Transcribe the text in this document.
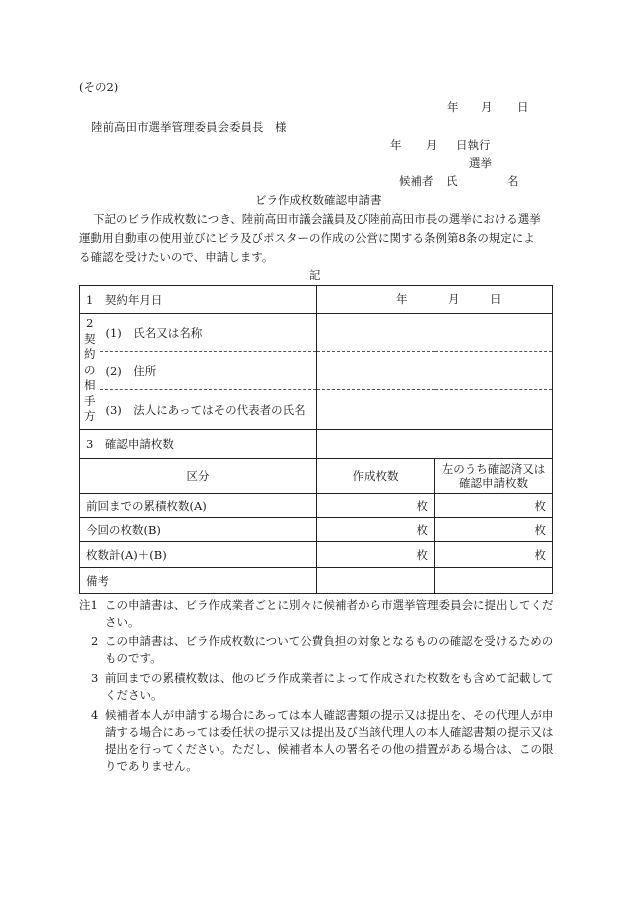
(その2)
年 月 日
陸前高田市選挙管理委員会委員長　様
年 月 日執行
選挙
候補者 氏	名
ビラ作成枚数確認申請書
下記のビラ作成枚数につき、陸前高田市議会議員及び陸前高田市長の選挙における選挙
運動用自動車の使用並びにビラ及びポスターの作成の公営に関する条例第8条の規定によ
る確認を受けたいので、申請します。
記
1　契約年月日		年 月 日	

2
契約の相手方	(1)　氏名又は名称		
	(2)　住所		
	(3)　法人にあってはその代表者の氏名		
3　確認申請枚数			
区分		作成枚数	左のうち確認済又は
確認申請枚数
前回までの累積枚数(A)		枚	枚
今回の枚数(B)		枚	枚
枚数計(A)＋(B)		枚	枚
備考			
注1 この申請書は、ビラ作成業者ごとに別々に候補者から市選挙管理委員会に提出してください。
2 この申請書は、ビラ作成枚数について公費負担の対象となるものの確認を受けるためのものです。
3 前回までの累積枚数は、他のビラ作成業者によって作成された枚数をも含めて記載してください。
4 候補者本人が申請する場合にあっては本人確認書類の提示又は提出を、その代理人が申請する場合にあっては委任状の提示又は提出及び当該代理人の本人確認書類の提示又は提出を行ってください。ただし、候補者本人の署名その他の措置がある場合は、この限りでありません。
